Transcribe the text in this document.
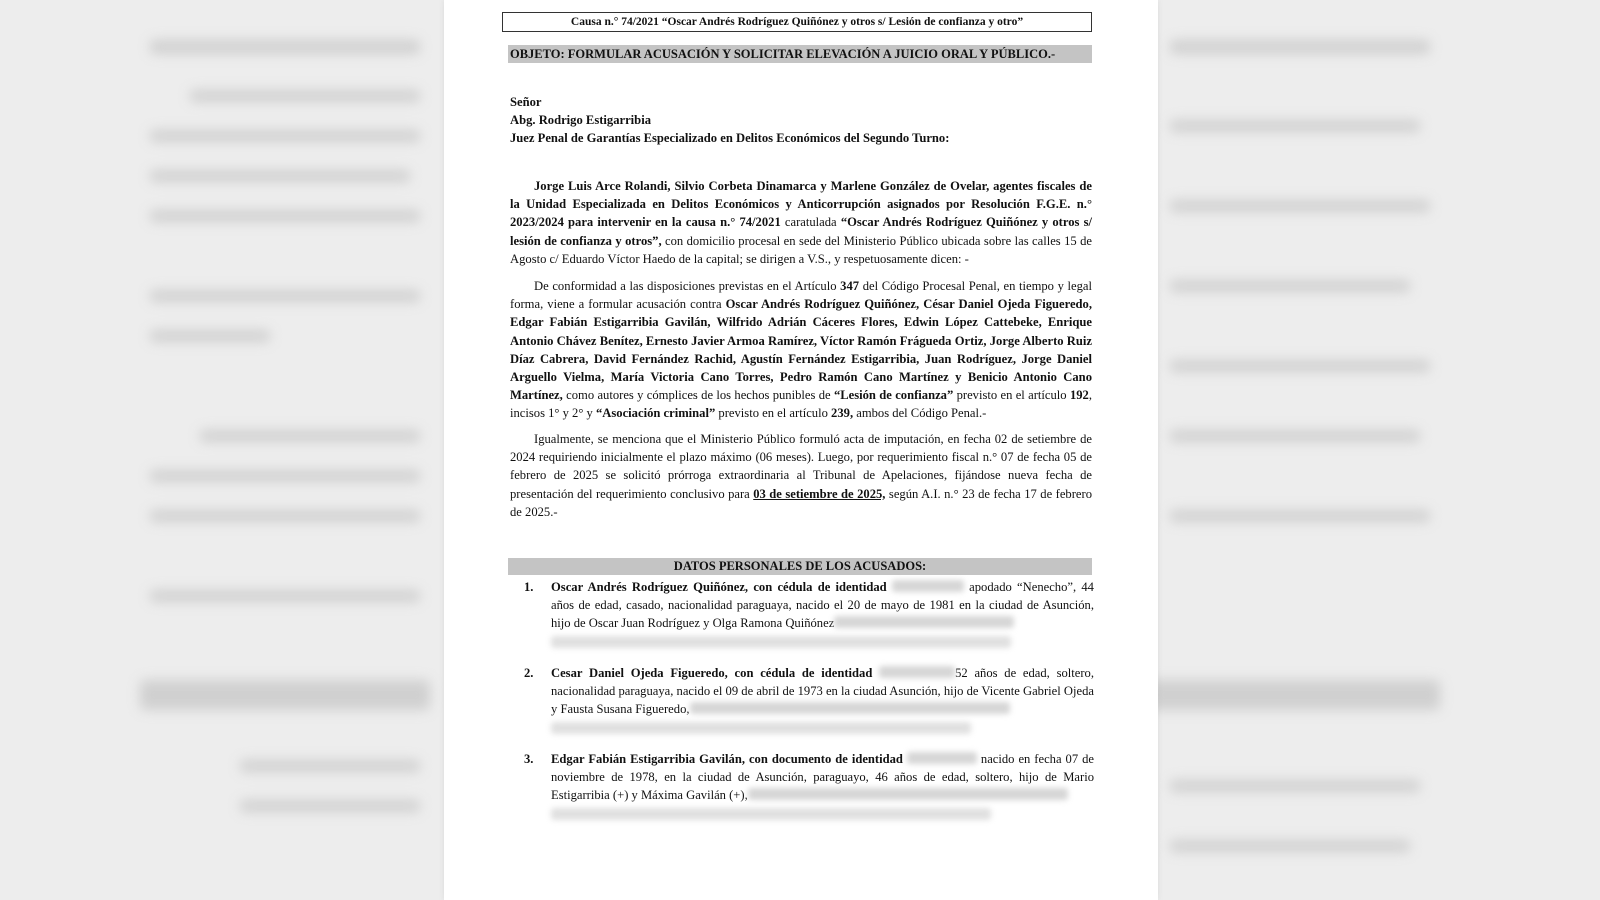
Causa n.° 74/2021 “Oscar Andrés Rodríguez Quiñónez y otros s/ Lesión de confianza y otro”
OBJETO: FORMULAR ACUSACIÓN Y SOLICITAR ELEVACIÓN A JUICIO ORAL Y PÚBLICO.-
Señor
Abg. Rodrigo Estigarribia
Juez Penal de Garantías Especializado en Delitos Económicos del Segundo Turno:
Jorge Luis Arce Rolandi, Silvio Corbeta Dinamarca y Marlene González de Ovelar, agentes fiscales de la Unidad Especializada en Delitos Económicos y Anticorrupción asignados por Resolución F.G.E. n.° 2023/2024 para intervenir en la causa n.° 74/2021 caratulada “Oscar Andrés Rodríguez Quiñónez y otros s/ lesión de confianza y otros”, con domicilio procesal en sede del Ministerio Público ubicada sobre las calles 15 de Agosto c/ Eduardo Víctor Haedo de la capital; se dirigen a V.S., y respetuosamente dicen: -
De conformidad a las disposiciones previstas en el Artículo 347 del Código Procesal Penal, en tiempo y legal forma, viene a formular acusación contra Oscar Andrés Rodríguez Quiñónez, César Daniel Ojeda Figueredo, Edgar Fabián Estigarribia Gavilán, Wilfrido Adrián Cáceres Flores, Edwin López Cattebeke, Enrique Antonio Chávez Benítez, Ernesto Javier Armoa Ramírez, Víctor Ramón Frágueda Ortiz, Jorge Alberto Ruiz Díaz Cabrera, David Fernández Rachid, Agustín Fernández Estigarribia, Juan Rodríguez, Jorge Daniel Arguello Vielma, María Victoria Cano Torres, Pedro Ramón Cano Martínez y Benicio Antonio Cano Martínez, como autores y cómplices de los hechos punibles de “Lesión de confianza” previsto en el artículo 192, incisos 1° y 2° y “Asociación criminal” previsto en el artículo 239, ambos del Código Penal.-
Igualmente, se menciona que el Ministerio Público formuló acta de imputación, en fecha 02 de setiembre de 2024 requiriendo inicialmente el plazo máximo (06 meses). Luego, por requerimiento fiscal n.° 07 de fecha 05 de febrero de 2025 se solicitó prórroga extraordinaria al Tribunal de Apelaciones, fijándose nueva fecha de presentación del requerimiento conclusivo para 03 de setiembre de 2025, según A.I. n.° 23 de fecha 17 de febrero de 2025.-
DATOS PERSONALES DE LOS ACUSADOS:
1. Oscar Andrés Rodríguez Quiñónez, con cédula de identidad	apodado “Nenecho”, 44 años de edad, casado, nacionalidad paraguaya, nacido el 20 de mayo de 1981 en la ciudad de Asunción, hijo de Oscar Juan Rodríguez y Olga Ramona Quiñónez
2. Cesar Daniel Ojeda Figueredo, con cédula de identidad	52 años de edad, soltero, nacionalidad paraguaya, nacido el 09 de abril de 1973 en la ciudad Asunción, hijo de Vicente Gabriel Ojeda y Fausta Susana Figueredo,
3. Edgar Fabián Estigarribia Gavilán, con documento de identidad	nacido en fecha 07 de noviembre de 1978, en la ciudad de Asunción, paraguayo, 46 años de edad, soltero, hijo de Mario Estigarribia (+) y Máxima Gavilán (+),
